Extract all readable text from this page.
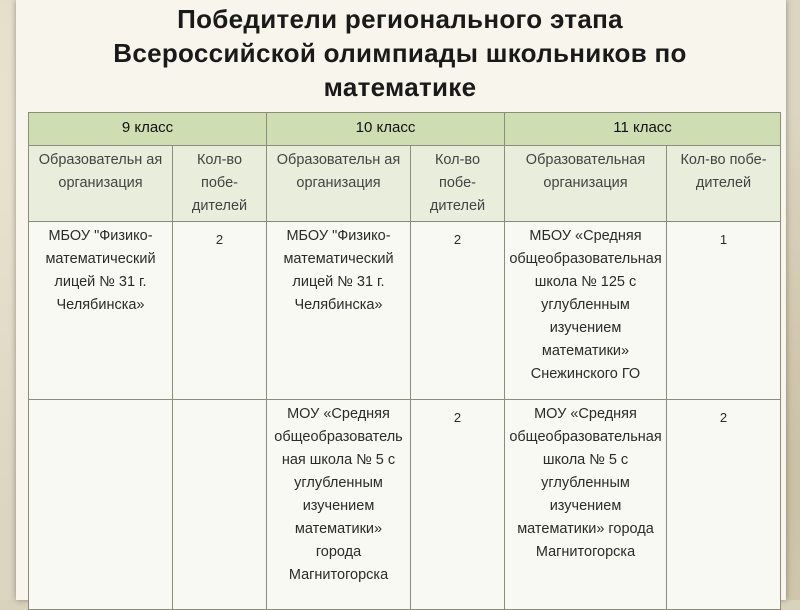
Победители регионального этапа
Всероссийской олимпиады школьников по
математике
9 класс		10 класс		11 класс	
Образовательн ая организация	Кол-во побе-дителей	Образовательн ая организация	Кол-во побе-дителей	Образовательная организация	Кол-во побе-дителей
МБОУ "Физико-математический лицей № 31 г. Челябинска»	2	МБОУ "Физико-математический лицей № 31 г. Челябинска»	2	МБОУ «Средняя общеобразовательная школа № 125 с углубленным изучением математики» Снежинского ГО	1
		МОУ «Средняя общеобразовательная школа № 5 с углубленным изучением математики» города Магнитогорска	2	МОУ «Средняя общеобразовательная школа № 5 с углубленным изучением математики» города Магнитогорска	2
